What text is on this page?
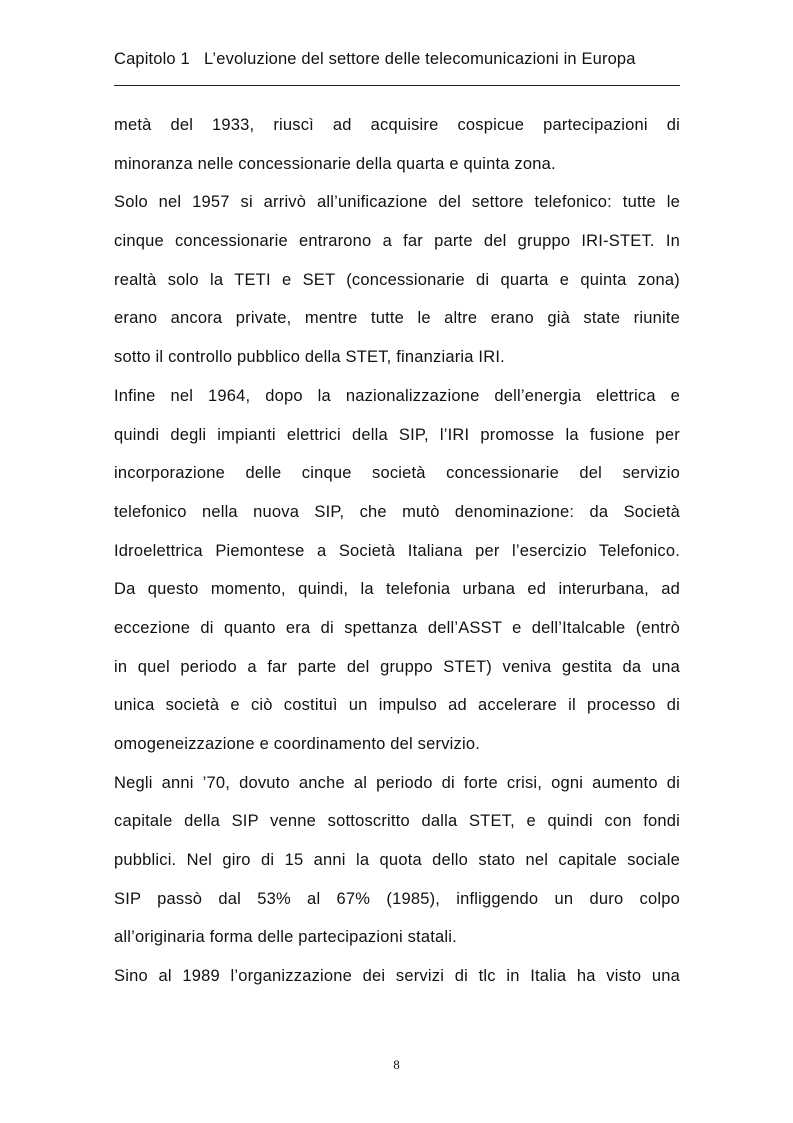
Capitolo 1 L’evoluzione del settore delle telecomunicazioni in Europa
metà del 1933, riuscì ad acquisire cospicue partecipazioni di
minoranza nelle concessionarie della quarta e quinta zona.
Solo nel 1957 si arrivò all’unificazione del settore telefonico: tutte le
cinque concessionarie entrarono a far parte del gruppo IRI-STET. In
realtà solo la TETI e SET (concessionarie di quarta e quinta zona)
erano ancora private, mentre tutte le altre erano già state riunite
sotto il controllo pubblico della STET, finanziaria IRI.
Infine nel 1964, dopo la nazionalizzazione dell’energia elettrica e
quindi degli impianti elettrici della SIP, l’IRI promosse la fusione per
incorporazione delle cinque società concessionarie del servizio
telefonico nella nuova SIP, che mutò denominazione: da Società
Idroelettrica Piemontese a Società Italiana per l’esercizio Telefonico.
Da questo momento, quindi, la telefonia urbana ed interurbana, ad
eccezione di quanto era di spettanza dell’ASST e dell’Italcable (entrò
in quel periodo a far parte del gruppo STET) veniva gestita da una
unica società e ciò costituì un impulso ad accelerare il processo di
omogeneizzazione e coordinamento del servizio.
Negli anni ’70, dovuto anche al periodo di forte crisi, ogni aumento di
capitale della SIP venne sottoscritto dalla STET, e quindi con fondi
pubblici. Nel giro di 15 anni la quota dello stato nel capitale sociale
SIP passò dal 53% al 67% (1985), infliggendo un duro colpo
all’originaria forma delle partecipazioni statali.
Sino al 1989 l’organizzazione dei servizi di tlc in Italia ha visto una
8
